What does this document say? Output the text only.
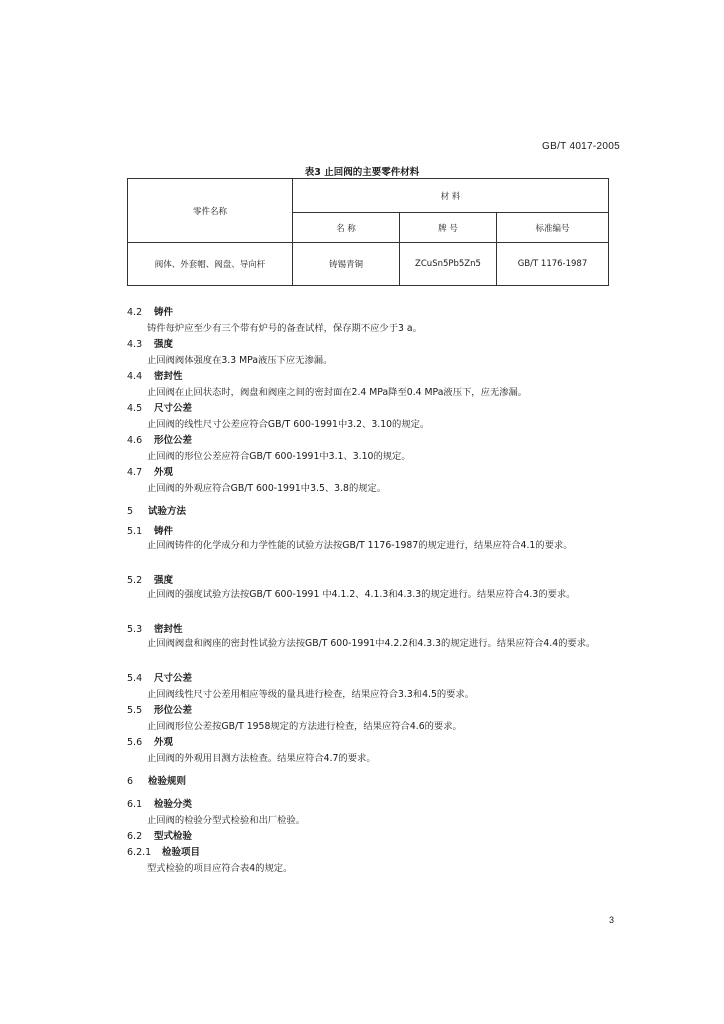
GB/T 4017-2005
表3 止回阀的主要零件材料
零件名称	材 料		
	名 称	牌 号	标准编号
阀体、外套帽、阀盘、导向杆	铸锡青铜	ZCuSn5Pb5Zn5	GB/T 1176-1987
4.2 铸件
铸件每炉应至少有三个带有炉号的备查试样，保存期不应少于3 a。
4.3 强度
止回阀阀体强度在3.3 MPa液压下应无渗漏。
4.4 密封性
止回阀在止回状态时，阀盘和阀座之间的密封面在2.4 MPa降至0.4 MPa液压下，应无渗漏。
4.5 尺寸公差
止回阀的线性尺寸公差应符合GB/T 600-1991中3.2、3.10的规定。
4.6 形位公差
止回阀的形位公差应符合GB/T 600-1991中3.1、3.10的规定。
4.7 外观
止回阀的外观应符合GB/T 600-1991中3.5、3.8的规定。
5 试验方法
5.1 铸件
止回阀铸件的化学成分和力学性能的试验方法按GB/T 1176-1987的规定进行，结果应符合4.1的要求。
5.2 强度
止回阀的强度试验方法按GB/T 600-1991 中4.1.2、4.1.3和4.3.3的规定进行。结果应符合4.3的要求。
5.3 密封性
止回阀阀盘和阀座的密封性试验方法按GB/T 600-1991中4.2.2和4.3.3的规定进行。结果应符合4.4的要求。
5.4 尺寸公差
止回阀线性尺寸公差用相应等级的量具进行检查，结果应符合3.3和4.5的要求。
5.5 形位公差
止回阀形位公差按GB/T 1958规定的方法进行检查，结果应符合4.6的要求。
5.6 外观
止回阀的外观用目测方法检查。结果应符合4.7的要求。
6 检验规则
6.1 检验分类
止回阀的检验分型式检验和出厂检验。
6.2 型式检验
6.2.1 检验项目
型式检验的项目应符合表4的规定。
3
